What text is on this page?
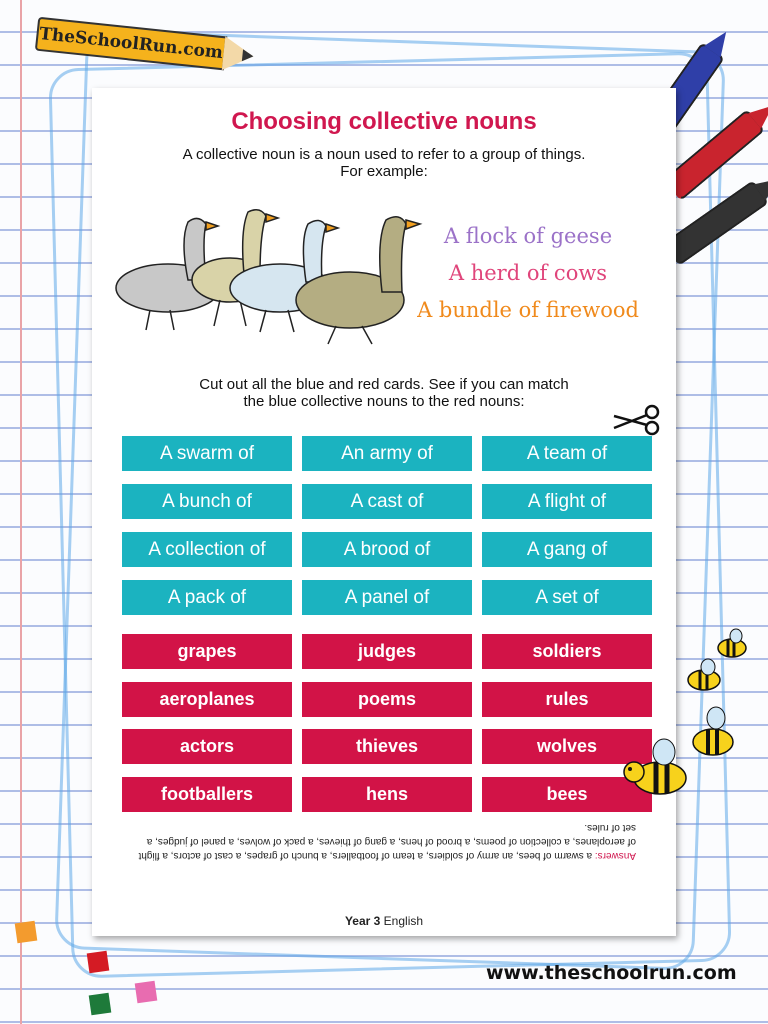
TheSchoolRun.com
Choosing collective nouns
A collective noun is a noun used to refer to a group of things.
For example:
A flock of geese
A herd of cows
A bundle of firewood
Cut out all the blue and red cards. See if you can match
the blue collective nouns to the red nouns:
A swarm of	An army of	A team of
A bunch of	A cast of	A flight of
A collection of	A brood of	A gang of
A pack of	A panel of	A set of
grapes	judges	soldiers
aeroplanes	poems	rules
actors	thieves	wolves
footballers	hens	bees
Answers: a swarm of bees, an army of soldiers, a team of footballers, a bunch of grapes, a cast of actors, a flight of aeroplanes, a collection of poems, a brood of hens, a gang of thieves, a pack of wolves, a panel of judges, a set of rules.
Year 3 English
www.theschoolrun.com
